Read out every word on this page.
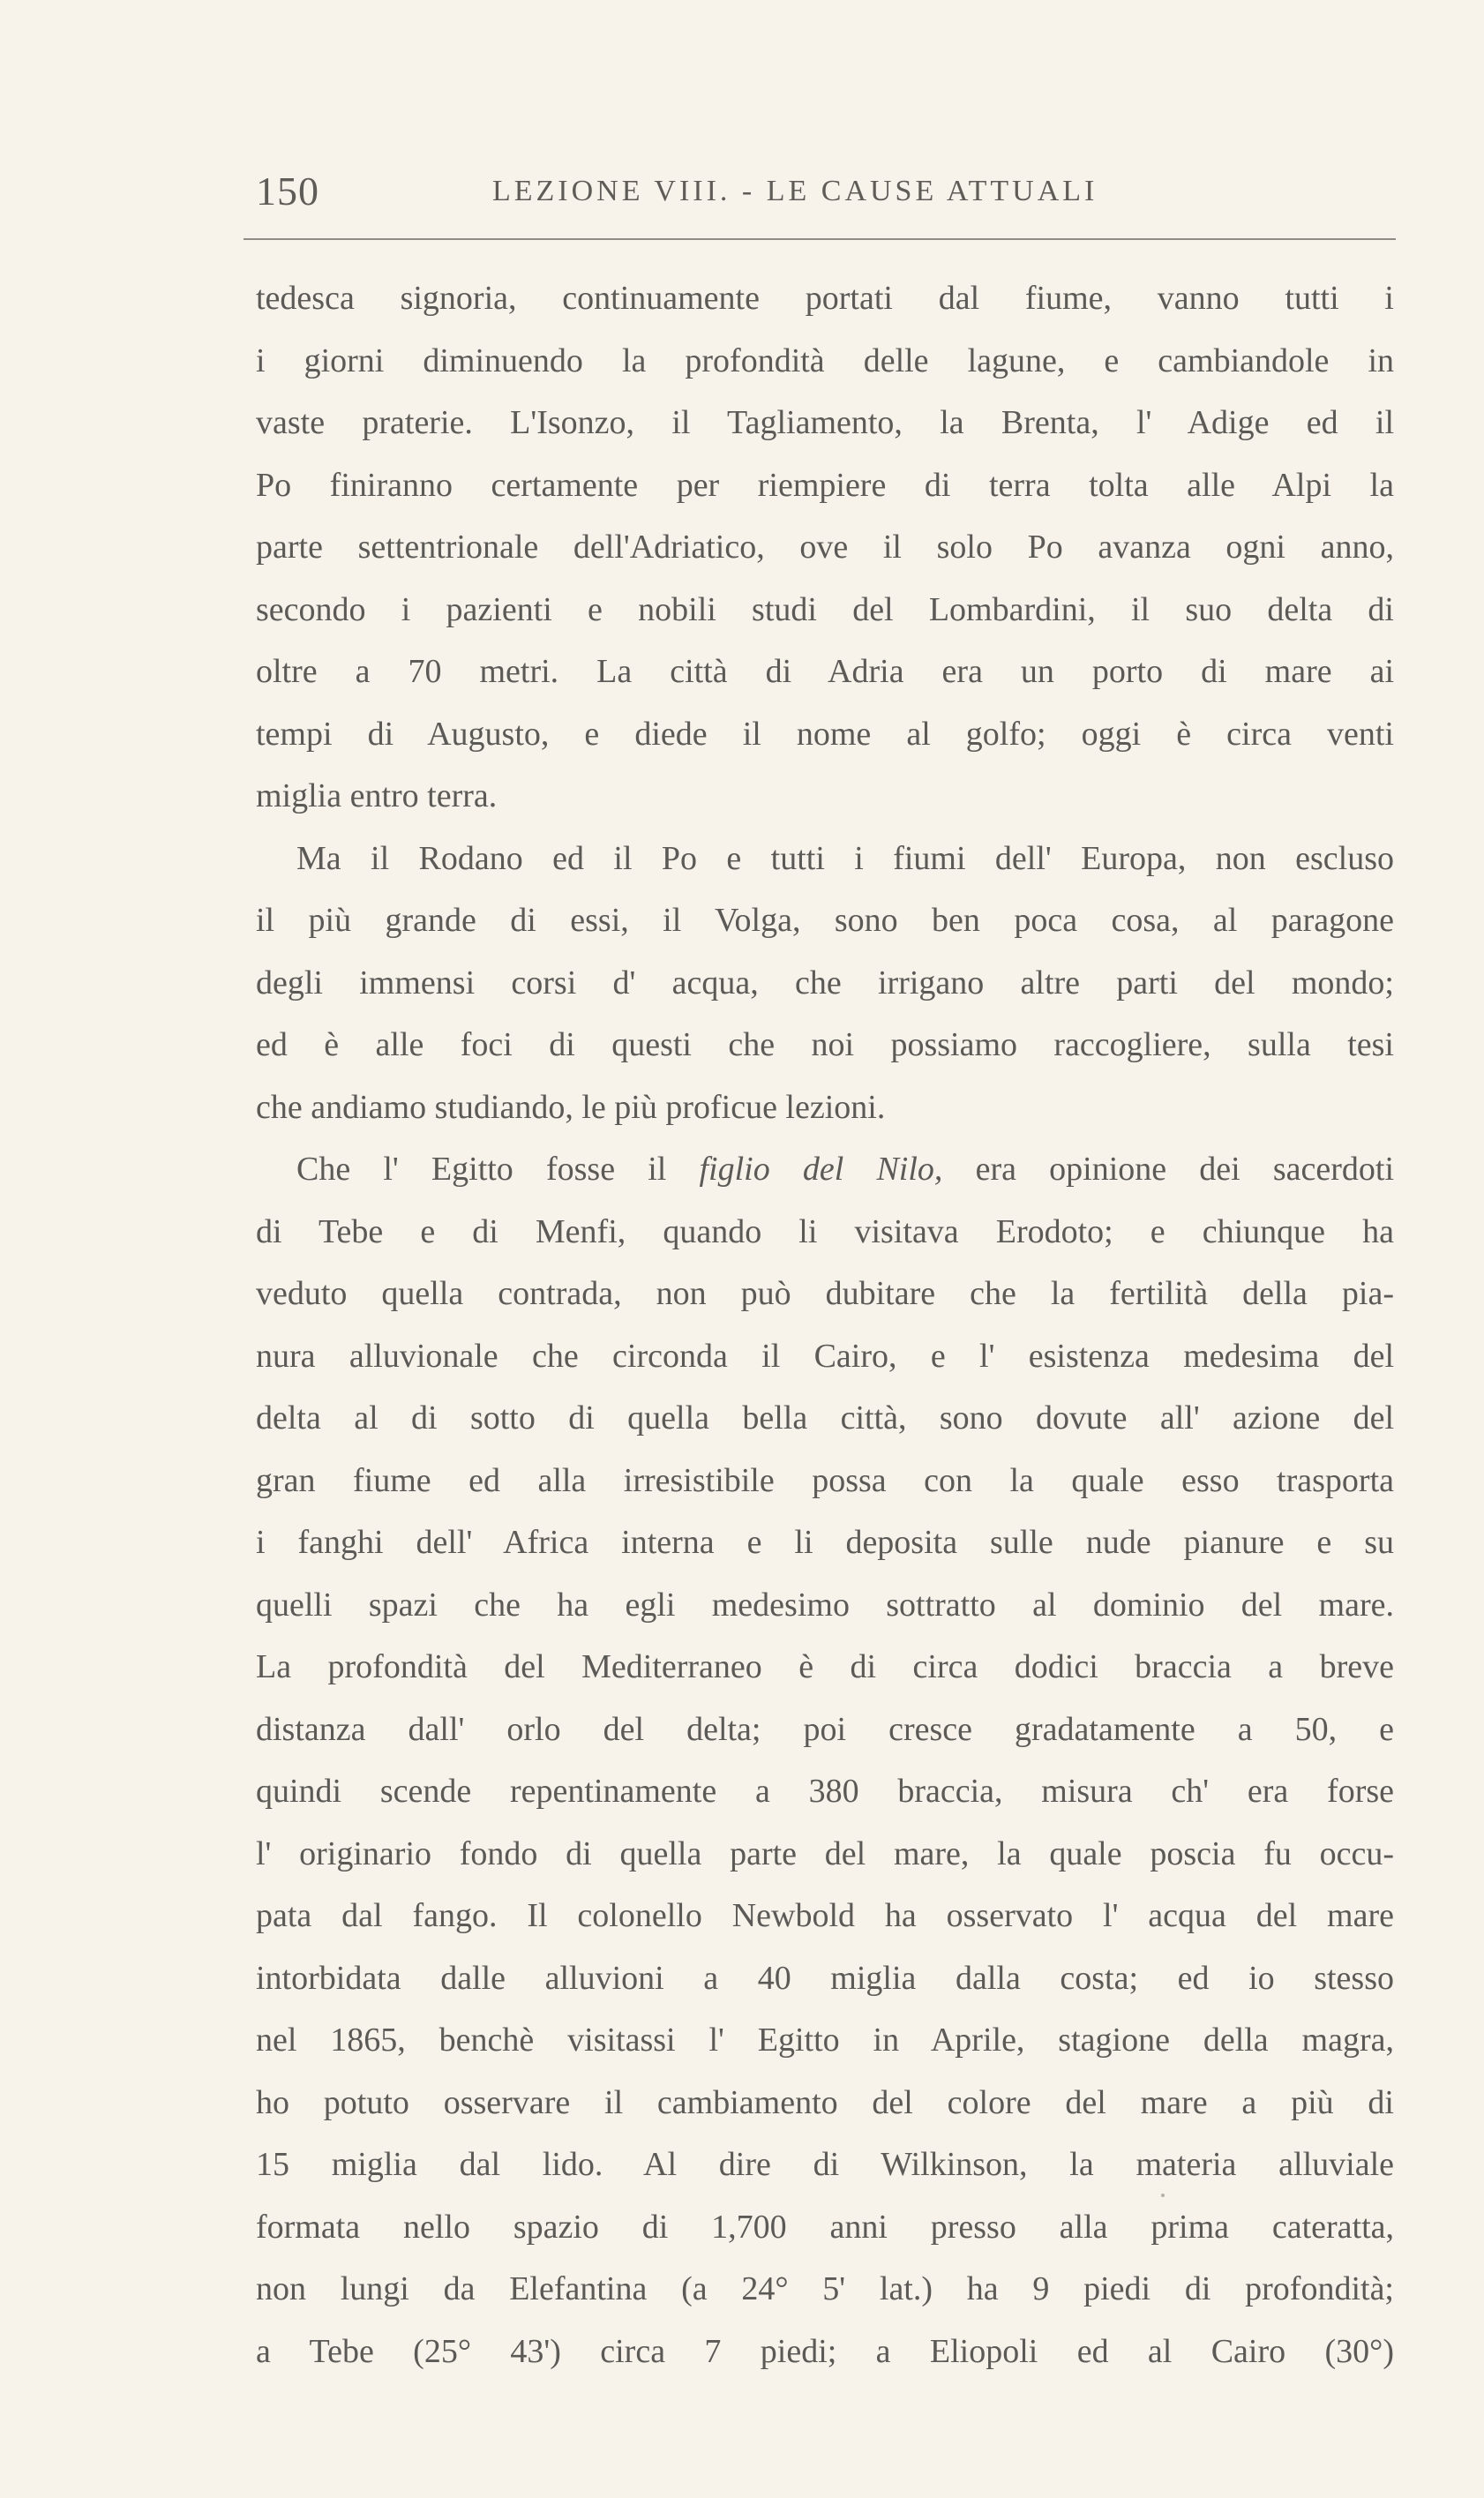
150	LEZIONE VIII. - LE CAUSE ATTUALI
tedesca signoria, continuamente portati dal fiume, vanno tutti i
i giorni diminuendo la profondità delle lagune, e cambiandole in
vaste praterie. L'Isonzo, il Tagliamento, la Brenta, l' Adige ed il
Po finiranno certamente per riempiere di terra tolta alle Alpi la
parte settentrionale dell'Adriatico, ove il solo Po avanza ogni anno,
secondo i pazienti e nobili studi del Lombardini, il suo delta di
oltre a 70 metri. La città di Adria era un porto di mare ai
tempi di Augusto, e diede il nome al golfo; oggi è circa venti
miglia entro terra.
Ma il Rodano ed il Po e tutti i fiumi dell' Europa, non escluso
il più grande di essi, il Volga, sono ben poca cosa, al paragone
degli immensi corsi d' acqua, che irrigano altre parti del mondo;
ed è alle foci di questi che noi possiamo raccogliere, sulla tesi
che andiamo studiando, le più proficue lezioni.
Che l' Egitto fosse il figlio del Nilo, era opinione dei sacerdoti
di Tebe e di Menfi, quando li visitava Erodoto; e chiunque ha
veduto quella contrada, non può dubitare che la fertilità della pia-
nura alluvionale che circonda il Cairo, e l' esistenza medesima del
delta al di sotto di quella bella città, sono dovute all' azione del
gran fiume ed alla irresistibile possa con la quale esso trasporta
i fanghi dell' Africa interna e li deposita sulle nude pianure e su
quelli spazi che ha egli medesimo sottratto al dominio del mare.
La profondità del Mediterraneo è di circa dodici braccia a breve
distanza dall' orlo del delta; poi cresce gradatamente a 50, e
quindi scende repentinamente a 380 braccia, misura ch' era forse
l' originario fondo di quella parte del mare, la quale poscia fu occu-
pata dal fango. Il colonello Newbold ha osservato l' acqua del mare
intorbidata dalle alluvioni a 40 miglia dalla costa; ed io stesso
nel 1865, benchè visitassi l' Egitto in Aprile, stagione della magra,
ho potuto osservare il cambiamento del colore del mare a più di
15 miglia dal lido. Al dire di Wilkinson, la materia alluviale
formata nello spazio di 1,700 anni presso alla prima cateratta,
non lungi da Elefantina (a 24° 5' lat.) ha 9 piedi di profondità;
a Tebe (25° 43') circa 7 piedi; a Eliopoli ed al Cairo (30°)
